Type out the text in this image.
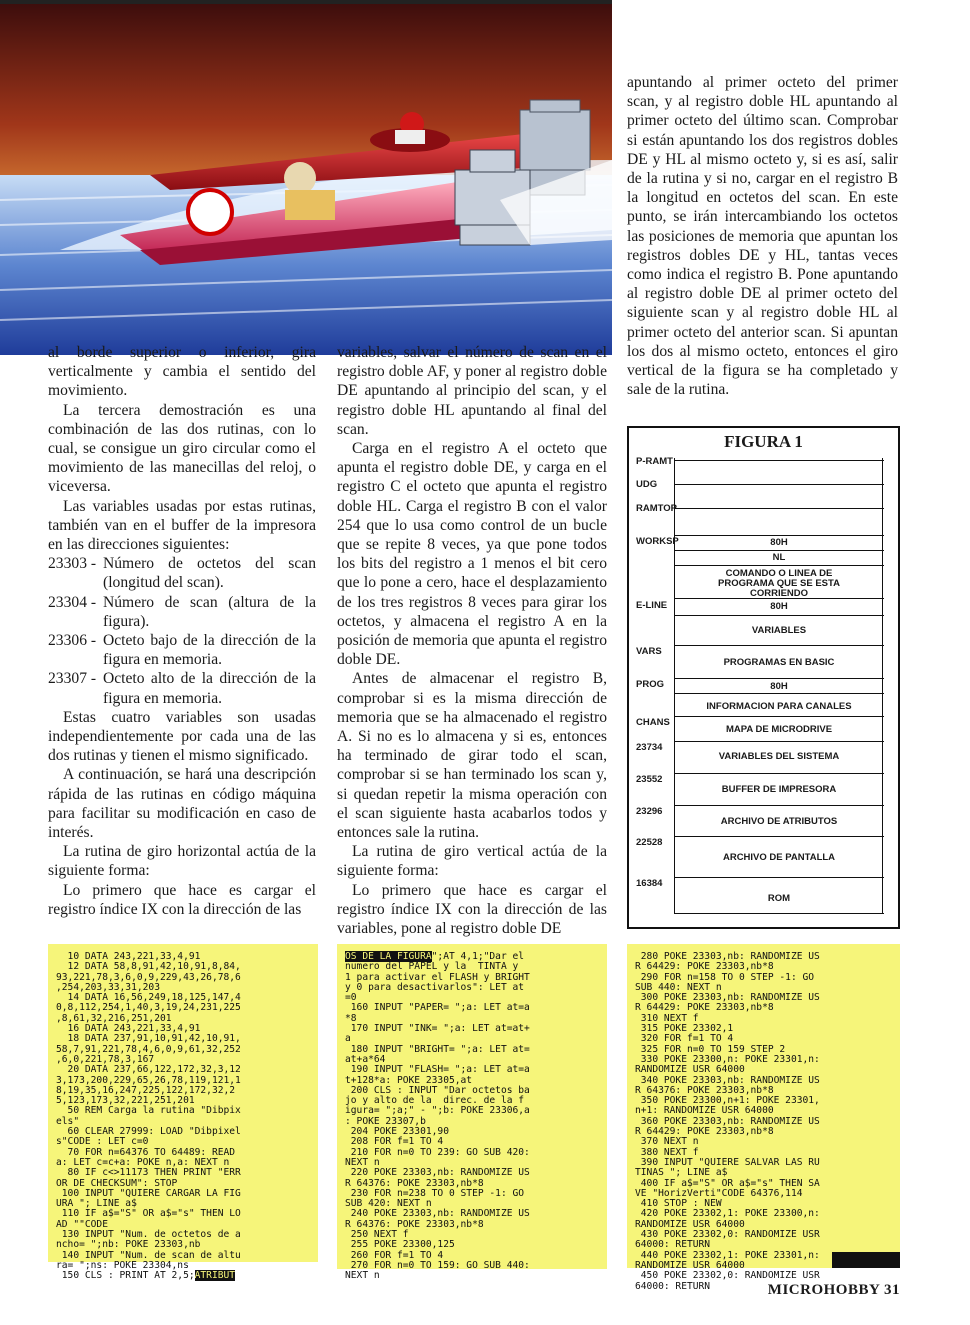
al borde superior o inferior, gira verticalmente y cambia el sentido del movimiento.

La tercera demostración es una combinación de las dos rutinas, con lo cual, se consigue un giro circular como el movimiento de las manecillas del reloj, o viceversa.

Las variables usadas por estas rutinas, también van en el buffer de la impresora en las direcciones siguientes:

23303 - Número de octetos del scan (longitud del scan).

23304 - Número de scan (altura de la figura).

23306 - Octeto bajo de la dirección de la figura en memoria.

23307 - Octeto alto de la dirección de la figura en memoria.

Estas cuatro variables son usadas independientemente por cada una de las dos rutinas y tienen el mismo significado.

A continuación, se hará una descripción rápida de las rutinas en código máquina para facilitar su modificación en caso de interés.

La rutina de giro horizontal actúa de la siguiente forma:

Lo primero que hace es cargar el registro índice IX con la dirección de las

variables, salvar el número de scan en el registro doble AF, y poner al registro doble DE apuntando al principio del scan, y el registro doble HL apuntando al final del scan.

Carga en el registro A el octeto que apunta el registro doble DE, y carga en el registro C el octeto que apunta el registro doble HL. Carga el registro B con el valor 254 que lo usa como control de un bucle que se repite 8 veces, ya que pone todos los bits del registro a 1 menos el bit cero que lo pone a cero, hace el desplazamiento de los tres registros 8 veces para girar los octetos, y almacena el registro A en la posición de memoria que apunta el registro doble DE.

Antes de almacenar el registro B, comprobar si es la misma dirección de memoria que se ha almacenado el registro A. Si no es lo almacena y si es, entonces ha terminado de girar todo el scan, comprobar si se han terminado los scan y, si quedan repetir la misma operación con el scan siguiente hasta acabarlos todos y entonces sale la rutina.

La rutina de giro vertical actúa de la siguiente forma:

Lo primero que hace es cargar el registro índice IX con la dirección de las variables, pone al registro doble DE

apuntando al primer octeto del primer scan, y al registro doble HL apuntando al primer octeto del último scan. Comprobar si están apuntando los dos registros dobles DE y HL al mismo octeto y, si es así, salir de la rutina y si no, cargar en el registro B la longitud en octetos del scan. En este punto, se irán intercambiando los octetos las posiciones de memoria que apuntan los registros dobles DE y HL, tantas veces como indica el registro B. Pone apuntando al registro doble DE al primer octeto del siguiente scan y al registro doble HL al primer octeto del anterior scan. Si apuntan los dos al mismo octeto, entonces el giro vertical de la figura se ha completado y sale de la rutina.

FIGURA 1
P-RAMT
UDG
RAMTOP
WORKSP
E-LINE
VARS
PROG
CHANS
23734
23552
23296
22528
16384
80H
NL
COMANDO O LINEA DE PROGRAMA QUE SE ESTA CORRIENDO
80H
VARIABLES
PROGRAMAS EN BASIC
80H
INFORMACION PARA CANALES
MAPA DE MICRODRIVE
VARIABLES DEL SISTEMA
BUFFER DE IMPRESORA
ARCHIVO DE ATRIBUTOS
ARCHIVO DE PANTALLA
ROM
10 DATA 243,221,33,4,91
12 DATA 58,8,91,42,10,91,8,84,
93,221,78,3,6,0,9,229,43,26,78,6
,254,203,33,31,203
14 DATA 16,56,249,18,125,147,4
0,8,112,254,1,40,3,19,24,231,225
,8,61,32,216,251,201
16 DATA 243,221,33,4,91
18 DATA 237,91,10,91,42,10,91,
58,7,91,221,78,4,6,0,9,61,32,252
,6,0,221,78,3,167
20 DATA 237,66,122,172,32,3,12
3,173,200,229,65,26,78,119,121,1
8,19,35,16,247,225,122,172,32,2
5,123,173,32,221,251,201
50 REM Carga la rutina "Dibpix
els"
60 CLEAR 27999: LOAD "Dibpixel
s"CODE : LET c=0
70 FOR n=64376 TO 64489: READ
a: LET c=c+a: POKE n,a: NEXT n
80 IF c<>11173 THEN PRINT "ERR
OR DE CHECKSUM": STOP
100 INPUT "QUIERE CARGAR LA FIG
URA "; LINE a$
110 IF a$="S" OR a$="s" THEN LO
AD ""CODE
130 INPUT "Num. de octetos de a
ncho= ";nb: POKE 23303,nb
140 INPUT "Num. de scan de altu
ra= ";ns: POKE 23304,ns
150 CLS : PRINT AT 2,5;ATRIBUT
OS DE LA FIGURA";AT 4,1;"Dar el
numero del PAPEL y la  TINTA y
1 para activar el FLASH y BRIGHT
y 0 para desactivarlos": LET at
=0
160 INPUT "PAPER= ";a: LET at=a
*8
170 INPUT "INK= ";a: LET at=at+
a
180 INPUT "BRIGHT= ";a: LET at=
at+a*64
190 INPUT "FLASH= ";a: LET at=a
t+128*a: POKE 23305,at
200 CLS : INPUT "Dar octetos ba
jo y alto de la  direc. de la f
igura= ";a;" - ";b: POKE 23306,a
: POKE 23307,b
204 POKE 23301,90
208 FOR f=1 TO 4
210 FOR n=0 TO 239: GO SUB 420:
NEXT n
220 POKE 23303,nb: RANDOMIZE US
R 64376: POKE 23303,nb*8
230 FOR n=238 TO 0 STEP -1: GO
SUB 420: NEXT n
240 POKE 23303,nb: RANDOMIZE US
R 64376: POKE 23303,nb*8
250 NEXT f
255 POKE 23300,125
260 FOR f=1 TO 4
270 FOR n=0 TO 159: GO SUB 440:
NEXT n
280 POKE 23303,nb: RANDOMIZE US
R 64429: POKE 23303,nb*8
290 FOR n=158 TO 0 STEP -1: GO
SUB 440: NEXT n
300 POKE 23303,nb: RANDOMIZE US
R 64429: POKE 23303,nb*8
310 NEXT f
315 POKE 23302,1
320 FOR f=1 TO 4
325 FOR n=0 TO 159 STEP 2
330 POKE 23300,n: POKE 23301,n:
RANDOMIZE USR 64000
340 POKE 23303,nb: RANDOMIZE US
R 64376: POKE 23303,nb*8
350 POKE 23300,n+1: POKE 23301,
n+1: RANDOMIZE USR 64000
360 POKE 23303,nb: RANDOMIZE US
R 64429: POKE 23303,nb*8
370 NEXT n
380 NEXT f
390 INPUT "QUIERE SALVAR LAS RU
TINAS "; LINE a$
400 IF a$="S" OR a$="s" THEN SA
VE "HorizVerti"CODE 64376,114
410 STOP : NEW
420 POKE 23302,1: POKE 23300,n:
RANDOMIZE USR 64000
430 POKE 23302,0: RANDOMIZE USR
64000: RETURN
440 POKE 23302,1: POKE 23301,n:
RANDOMIZE USR 64000
450 POKE 23302,0: RANDOMIZE USR
64000: RETURN	MICROHOBBY 31
